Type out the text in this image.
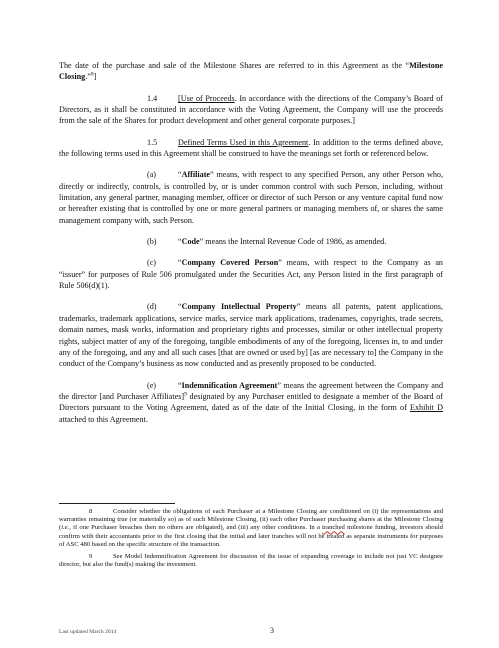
The date of the purchase and sale of the Milestone Shares are referred to in this Agreement as the “Milestone Closing.”$^8$]

1.4	[Use of Proceeds. In accordance with the directions of the Company’s Board of Directors, as it shall be constituted in accordance with the Voting Agreement, the Company will use the proceeds from the sale of the Shares for product development and other general corporate purposes.]

1.5	Defined Terms Used in this Agreement. In addition to the terms defined above, the following terms used in this Agreement shall be construed to have the meanings set forth or referenced below.

(a)	“Affiliate” means, with respect to any specified Person, any other Person who, directly or indirectly, controls, is controlled by, or is under common control with such Person, including, without limitation, any general partner, managing member, officer or director of such Person or any venture capital fund now or hereafter existing that is controlled by one or more general partners or managing members of, or shares the same management company with, such Person.

(b)	“Code” means the Internal Revenue Code of 1986, as amended.

(c)	“Company Covered Person” means, with respect to the Company as an “issuer” for purposes of Rule 506 promulgated under the Securities Act, any Person listed in the first paragraph of Rule 506(d)(1).

(d)	“Company Intellectual Property” means all patents, patent applications, trademarks, trademark applications, service marks, service mark applications, tradenames, copyrights, trade secrets, domain names, mask works, information and proprietary rights and processes, similar or other intellectual property rights, subject matter of any of the foregoing, tangible embodiments of any of the foregoing, licenses in, to and under any of the foregoing, and any and all such cases [that are owned or used by] [as are necessary to] the Company in the conduct of the Company’s business as now conducted and as presently proposed to be conducted.

(e)	“Indemnification Agreement” means the agreement between the Company and the director [and Purchaser Affiliates]$^9$ designated by any Purchaser entitled to designate a member of the Board of Directors pursuant to the Voting Agreement, dated as of the date of the Initial Closing, in the form of Exhibit D attached to this Agreement.

8	Consider whether the obligations of each Purchaser at a Milestone Closing are conditioned on (i) the representations and warranties remaining true (or materially so) as of such Milestone Closing, (ii) each other Purchaser purchasing shares at the Milestone Closing (i.e., if one Purchaser breaches then no others are obligated), and (iii) any other conditions. In a tranched milestone funding, investors should confirm with their accountants prior to the first closing that the initial and later tranches will not be treated as separate instruments for purposes of ASC 480 based on the specific structure of the transaction.

9	See Model Indemnification Agreement for discussion of the issue of expanding coverage to include not just VC designee director, but also the fund(s) making the investment.

Last updated March 2014	3
